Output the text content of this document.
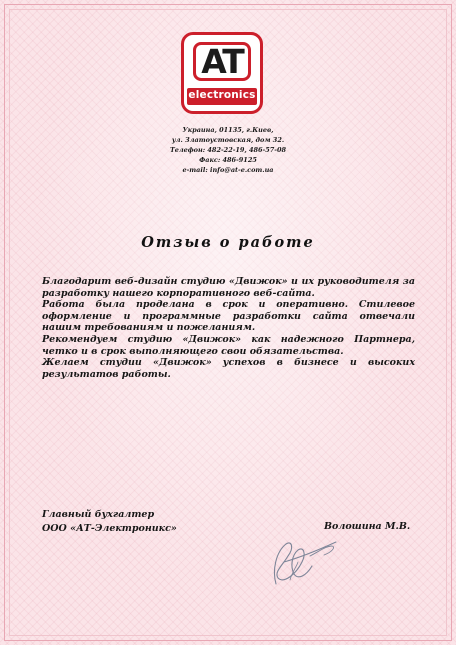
AT
electronics
Украина, 01135, г.Киев,
ул. Златоустовская, дом 32.
Телефон: 482-22-19, 486-57-08
Факс: 486-9125
e-mail: info@at-e.com.ua
Отзыв о работе

Благодарит веб-дизайн студию «Движок» и их руководителя за разработку нашего корпоративного веб-сайта.

Работа была проделана в срок и оперативно. Стилевое оформление и программные разработки сайта отвечали нашим требованиям и пожеланиям.

Рекомендуем студию «Движок» как надежного Партнера, четко и в срок выполняющего свои обязательства.

Желаем студии «Движок» успехов в бизнесе и высоких результатов работы.

Главный бухгалтер
ООО «АТ-Электроникс»	Волошина М.В.
